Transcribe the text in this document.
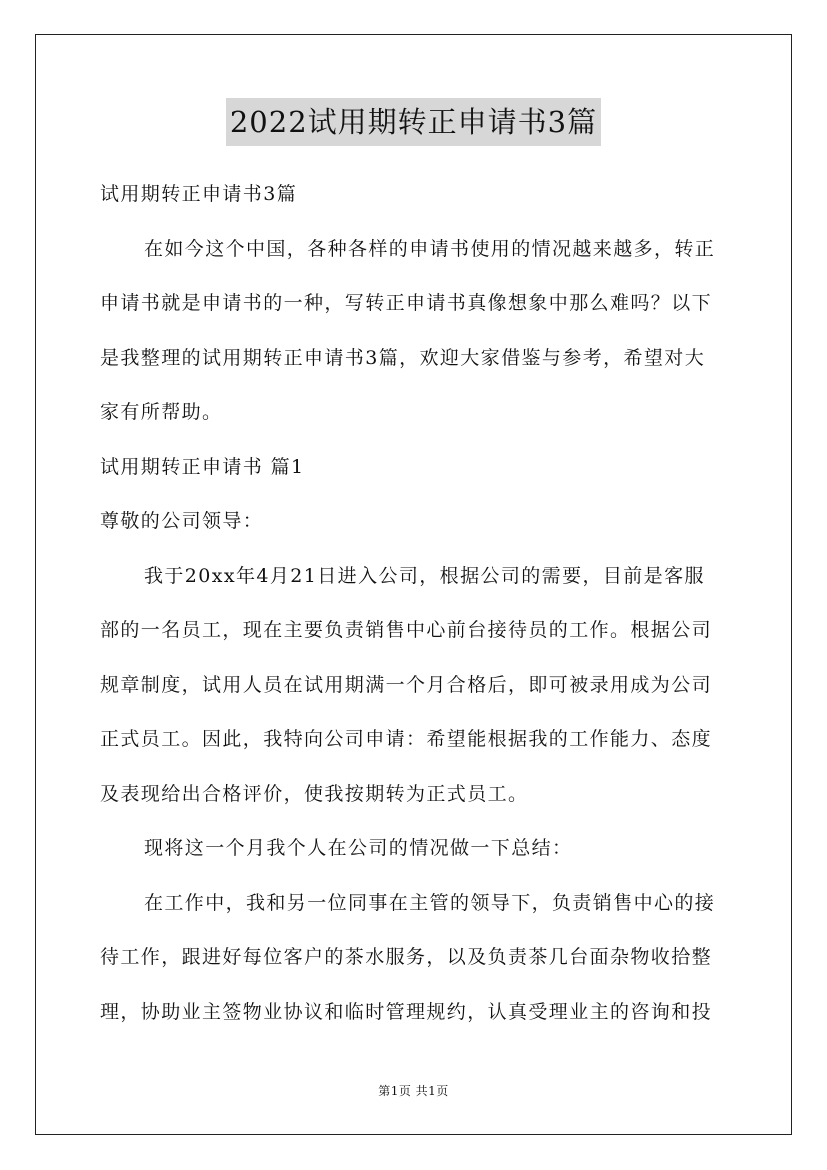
2022试用期转正申请书3篇
试用期转正申请书3篇
在如今这个中国，各种各样的申请书使用的情况越来越多，转正
申请书就是申请书的一种，写转正申请书真像想象中那么难吗？以下
是我整理的试用期转正申请书3篇，欢迎大家借鉴与参考，希望对大
家有所帮助。
试用期转正申请书 篇1
尊敬的公司领导：
我于20xx年4月21日进入公司，根据公司的需要，目前是客服
部的一名员工，现在主要负责销售中心前台接待员的工作。根据公司
规章制度，试用人员在试用期满一个月合格后，即可被录用成为公司
正式员工。因此，我特向公司申请：希望能根据我的工作能力、态度
及表现给出合格评价，使我按期转为正式员工。
现将这一个月我个人在公司的情况做一下总结：
在工作中，我和另一位同事在主管的领导下，负责销售中心的接
待工作，跟进好每位客户的茶水服务，以及负责茶几台面杂物收拾整
理，协助业主签物业协议和临时管理规约，认真受理业主的咨询和投
第1页 共1页
